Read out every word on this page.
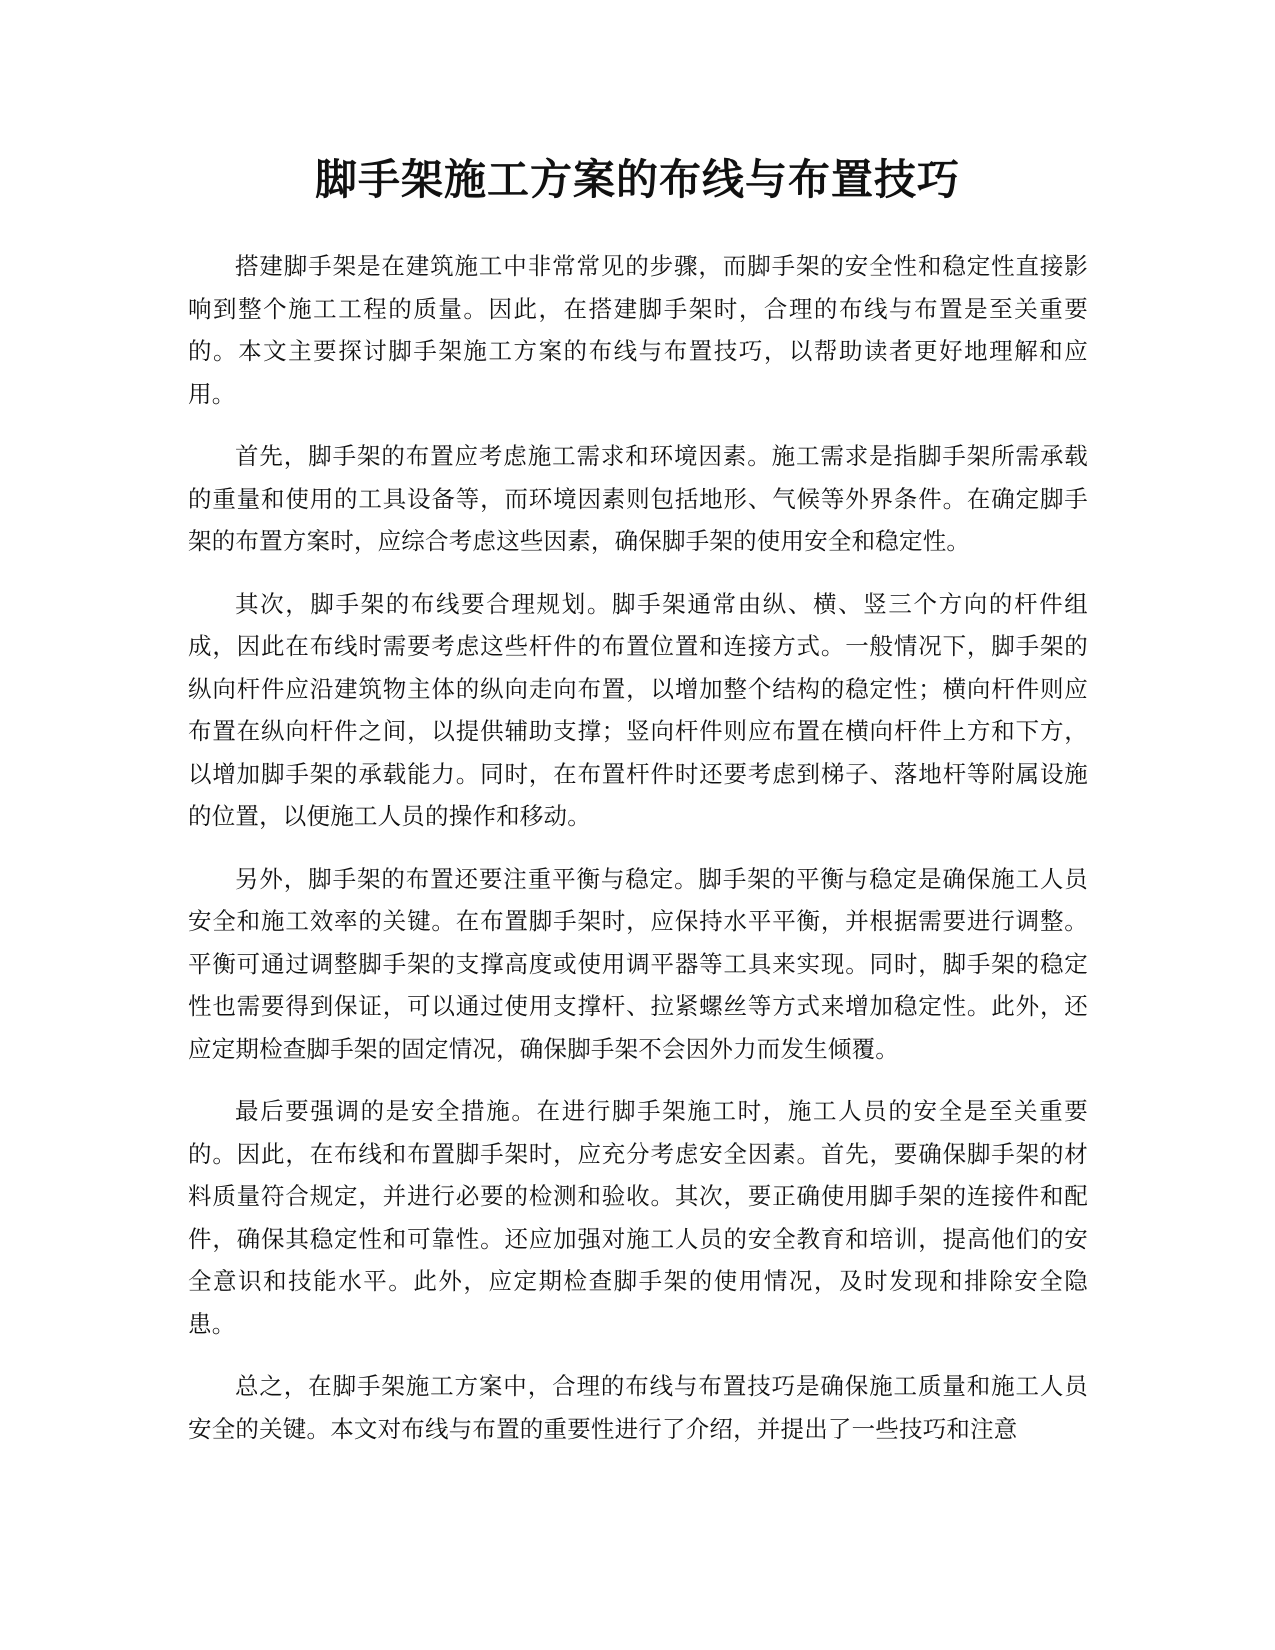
脚手架施工方案的布线与布置技巧

搭建脚手架是在建筑施工中非常常见的步骤，而脚手架的安全性和稳定性直接影响到整个施工工程的质量。因此，在搭建脚手架时，合理的布线与布置是至关重要的。本文主要探讨脚手架施工方案的布线与布置技巧，以帮助读者更好地理解和应用。

首先，脚手架的布置应考虑施工需求和环境因素。施工需求是指脚手架所需承载的重量和使用的工具设备等，而环境因素则包括地形、气候等外界条件。在确定脚手架的布置方案时，应综合考虑这些因素，确保脚手架的使用安全和稳定性。

其次，脚手架的布线要合理规划。脚手架通常由纵、横、竖三个方向的杆件组成，因此在布线时需要考虑这些杆件的布置位置和连接方式。一般情况下，脚手架的纵向杆件应沿建筑物主体的纵向走向布置，以增加整个结构的稳定性；横向杆件则应布置在纵向杆件之间，以提供辅助支撑；竖向杆件则应布置在横向杆件上方和下方，以增加脚手架的承载能力。同时，在布置杆件时还要考虑到梯子、落地杆等附属设施的位置，以便施工人员的操作和移动。

另外，脚手架的布置还要注重平衡与稳定。脚手架的平衡与稳定是确保施工人员安全和施工效率的关键。在布置脚手架时，应保持水平平衡，并根据需要进行调整。平衡可通过调整脚手架的支撑高度或使用调平器等工具来实现。同时，脚手架的稳定性也需要得到保证，可以通过使用支撑杆、拉紧螺丝等方式来增加稳定性。此外，还应定期检查脚手架的固定情况，确保脚手架不会因外力而发生倾覆。

最后要强调的是安全措施。在进行脚手架施工时，施工人员的安全是至关重要的。因此，在布线和布置脚手架时，应充分考虑安全因素。首先，要确保脚手架的材料质量符合规定，并进行必要的检测和验收。其次，要正确使用脚手架的连接件和配件，确保其稳定性和可靠性。还应加强对施工人员的安全教育和培训，提高他们的安全意识和技能水平。此外，应定期检查脚手架的使用情况，及时发现和排除安全隐患。

总之，在脚手架施工方案中，合理的布线与布置技巧是确保施工质量和施工人员安全的关键。本文对布线与布置的重要性进行了介绍，并提出了一些技巧和注意
